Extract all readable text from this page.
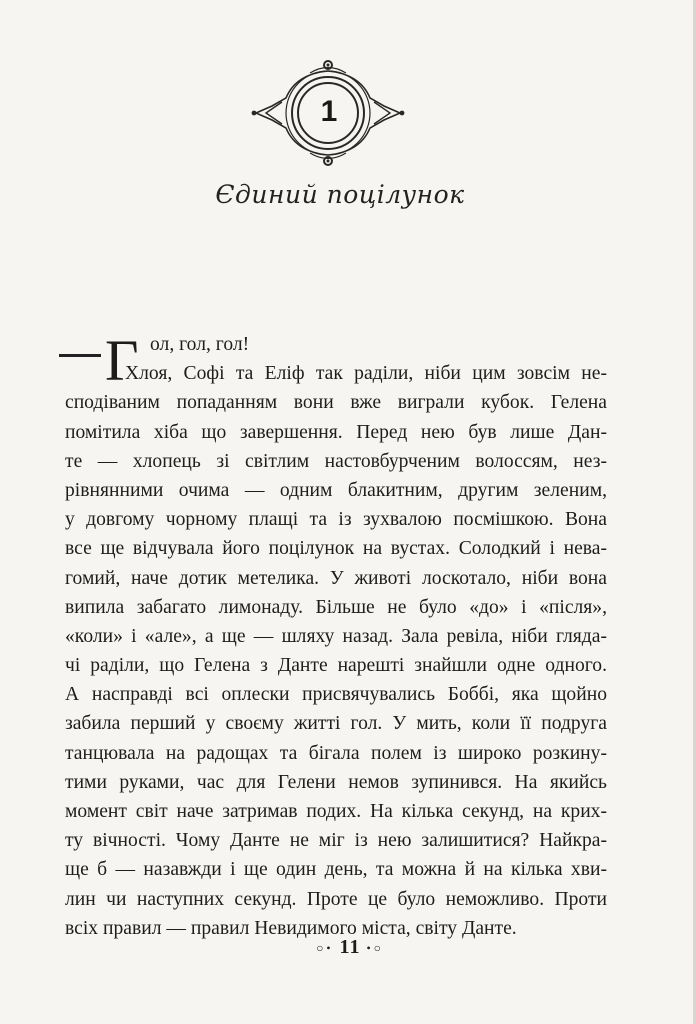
1
Єдиний поцілунок
Г ол, гол, гол!
Хлоя, Софі та Еліф так раділи, ніби цим зовсім не-
сподіваним попаданням вони вже виграли кубок. Гелена
помітила хіба що завершення. Перед нею був лише Дан-
те — хлопець зі світлим настовбурченим волоссям, нез-
рівнянними очима — одним блакитним, другим зеленим,
у довгому чорному плащі та із зухвалою посмішкою. Вона
все ще відчувала його поцілунок на вустах. Солодкий і нева-
гомий, наче дотик метелика. У животі лоскотало, ніби вона
випила забагато лимонаду. Більше не було «до» і «після»,
«коли» і «але», а ще — шляху назад. Зала ревіла, ніби глядa-
чі раділи, що Гелена з Данте нарешті знайшли одне одного.
А насправді всі оплески присвячувались Боббі, яка щойно
забила перший у своєму житті гол. У мить, коли її подруга
танцювала на радощах та бігала полем із широко розкину-
тими руками, час для Гелени немов зупинився. На якийсь
момент світ наче затримав подих. На кілька секунд, на крих-
ту вічності. Чому Данте не міг із нею залишитися? Найкра-
ще б — назавжди і ще один день, та можна й на кілька хви-
лин чи наступних секунд. Проте це було неможливо. Проти
всіх правил — правил Невидимого міста, світу Данте.
○• 11 •○
